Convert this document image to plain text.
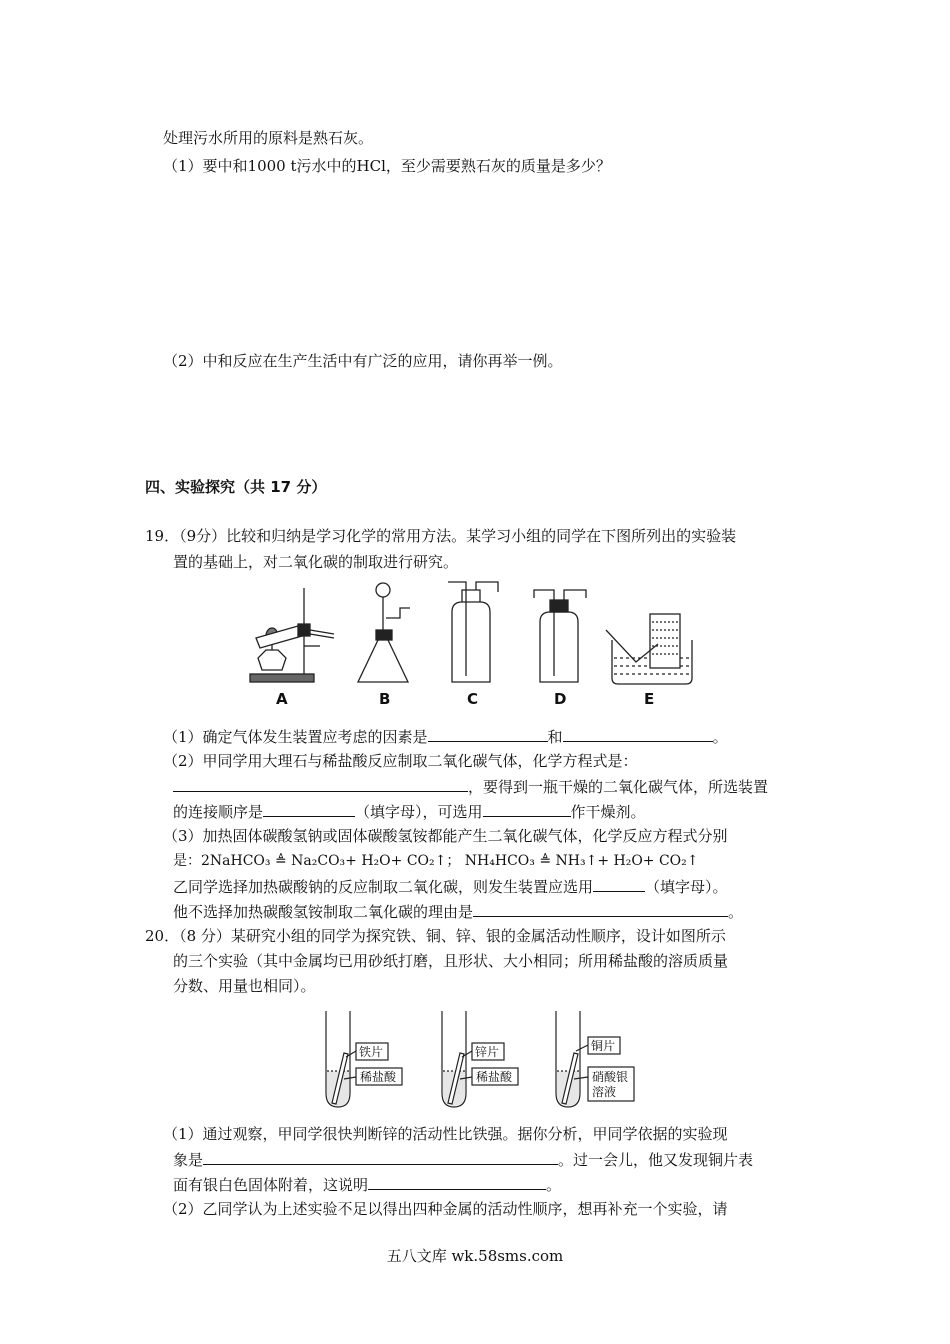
处理污水所用的原料是熟石灰。
（1）要中和1000 t污水中的HCl，至少需要熟石灰的质量是多少？
（2）中和反应在生产生活中有广泛的应用，请你再举一例。
四、实验探究（共 17 分）
19．（9分）比较和归纳是学习化学的常用方法。某学习小组的同学在下图所列出的实验装
置的基础上，对二氧化碳的制取进行研究。
A	B	C	D	E
（1）确定气体发生装置应考虑的因素是	和	。
（2）甲同学用大理石与稀盐酸反应制取二氧化碳气体，化学方程式是：
，要得到一瓶干燥的二氧化碳气体，所选装置
的连接顺序是	（填字母），可选用	作干燥剂。
（3）加热固体碳酸氢钠或固体碳酸氢铵都能产生二氧化碳气体，化学反应方程式分别
是：2NaHCO₃ ≜ Na₂CO₃+ H₂O+ CO₂↑； NH₄HCO₃ ≜ NH₃↑+ H₂O+ CO₂↑
乙同学选择加热碳酸钠的反应制取二氧化碳，则发生装置应选用	（填字母）。
他不选择加热碳酸氢铵制取二氧化碳的理由是	。
20．（8 分）某研究小组的同学为探究铁、铜、锌、银的金属活动性顺序，设计如图所示
的三个实验（其中金属均已用砂纸打磨，且形状、大小相同；所用稀盐酸的溶质质量
分数、用量也相同）。
铁片
稀盐酸
锌片
稀盐酸
铜片
硝酸银
溶液
（1）通过观察，甲同学很快判断锌的活动性比铁强。据你分析，甲同学依据的实验现
象是	。过一会儿，他又发现铜片表
面有银白色固体附着，这说明	。
（2）乙同学认为上述实验不足以得出四种金属的活动性顺序，想再补充一个实验，请
五八文库 wk.58sms.com
